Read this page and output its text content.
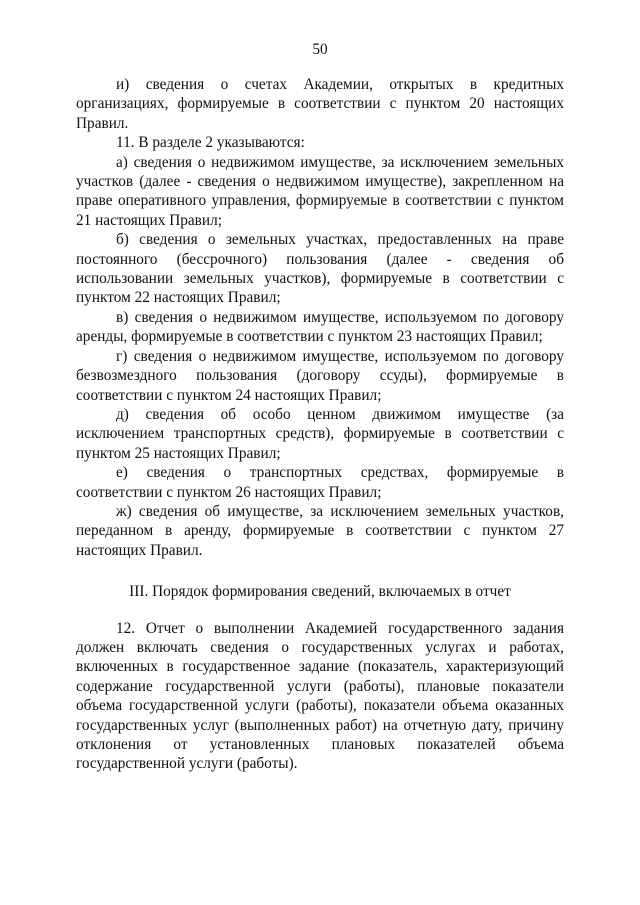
50

и) сведения о счетах Академии, открытых в кредитных организациях, формируемые в соответствии с пунктом 20 настоящих Правил.

11. В разделе 2 указываются:

а) сведения о недвижимом имуществе, за исключением земельных участков (далее - сведения о недвижимом имуществе), закрепленном на праве оперативного управления, формируемые в соответствии с пунктом 21 настоящих Правил;

б) сведения о земельных участках, предоставленных на праве постоянного (бессрочного) пользования (далее - сведения об использовании земельных участков), формируемые в соответствии с пунктом 22 настоящих Правил;

в) сведения о недвижимом имуществе, используемом по договору аренды, формируемые в соответствии с пунктом 23 настоящих Правил;

г) сведения о недвижимом имуществе, используемом по договору безвозмездного пользования (договору ссуды), формируемые в соответствии с пунктом 24 настоящих Правил;

д) сведения об особо ценном движимом имуществе (за исключением транспортных средств), формируемые в соответствии с пунктом 25 настоящих Правил;

е) сведения о транспортных средствах, формируемые в соответствии с пунктом 26 настоящих Правил;

ж) сведения об имуществе, за исключением земельных участков, переданном в аренду, формируемые в соответствии с пунктом 27 настоящих Правил.

III. Порядок формирования сведений, включаемых в отчет

12. Отчет о выполнении Академией государственного задания должен включать сведения о государственных услугах и работах, включенных в государственное задание (показатель, характеризующий содержание государственной услуги (работы), плановые показатели объема государственной услуги (работы), показатели объема оказанных государственных услуг (выполненных работ) на отчетную дату, причину отклонения от установленных плановых показателей объема государственной услуги (работы).
